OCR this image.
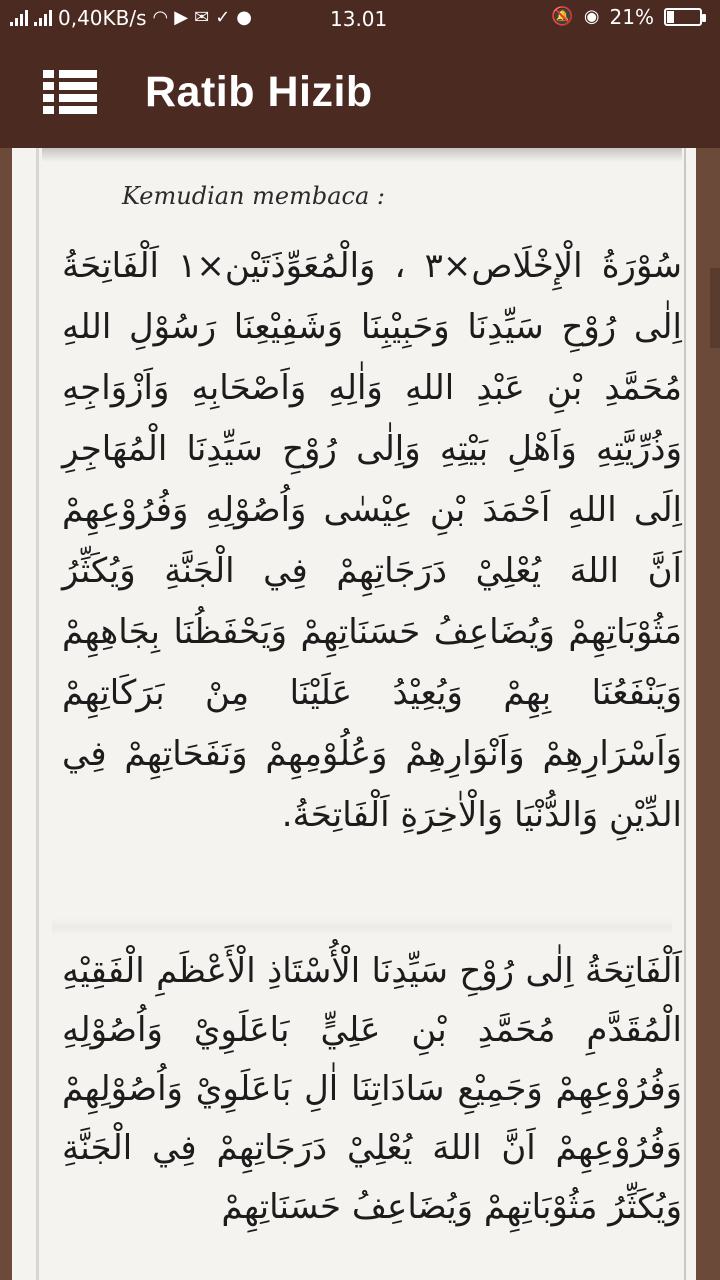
0,40KB/s ◠ ▶ ✉ ✓ ●	13.01	🔕 ◉ 21%
Ratib Hizib
Kemudian membaca :
سُوْرَةُ الْإِخْلَاص×٣ ، وَالْمُعَوِّذَتَيْن×١ اَلْفَاتِحَةُ اِلٰى رُوْحِ سَيِّدِنَا وَحَبِيْبِنَا وَشَفِيْعِنَا رَسُوْلِ اللهِ مُحَمَّدِ بْنِ عَبْدِ اللهِ وَاٰلِهِ وَاَصْحَابِهِ وَاَزْوَاجِهِ وَذُرِّيَّتِهِ وَاَهْلِ بَيْتِهِ وَاِلٰى رُوْحِ سَيِّدِنَا الْمُهَاجِرِ اِلَى اللهِ اَحْمَدَ بْنِ عِيْسٰى وَاُصُوْلِهِ وَفُرُوْعِهِمْ اَنَّ اللهَ يُعْلِيْ دَرَجَاتِهِمْ فِي الْجَنَّةِ وَيُكَثِّرُ مَثُوْبَاتِهِمْ وَيُضَاعِفُ حَسَنَاتِهِمْ وَيَحْفَظُنَا بِجَاهِهِمْ وَيَنْفَعُنَا بِهِمْ وَيُعِيْدُ عَلَيْنَا مِنْ بَرَكَاتِهِمْ وَاَسْرَارِهِمْ وَاَنْوَارِهِمْ وَعُلُوْمِهِمْ وَنَفَحَاتِهِمْ فِي الدِّيْنِ وَالدُّنْيَا وَالْاٰخِرَةِ اَلْفَاتِحَةُ.
اَلْفَاتِحَةُ اِلٰى رُوْحِ سَيِّدِنَا الْأُسْتَاذِ الْأَعْظَمِ الْفَقِيْهِ الْمُقَدَّمِ مُحَمَّدِ بْنِ عَلِيٍّ بَاعَلَوِيْ وَاُصُوْلِهِ وَفُرُوْعِهِمْ وَجَمِيْعِ سَادَاتِنَا اٰلِ بَاعَلَوِيْ وَاُصُوْلِهِمْ وَفُرُوْعِهِمْ اَنَّ اللهَ يُعْلِيْ دَرَجَاتِهِمْ فِي الْجَنَّةِ وَيُكَثِّرُ مَثُوْبَاتِهِمْ وَيُضَاعِفُ حَسَنَاتِهِمْ
